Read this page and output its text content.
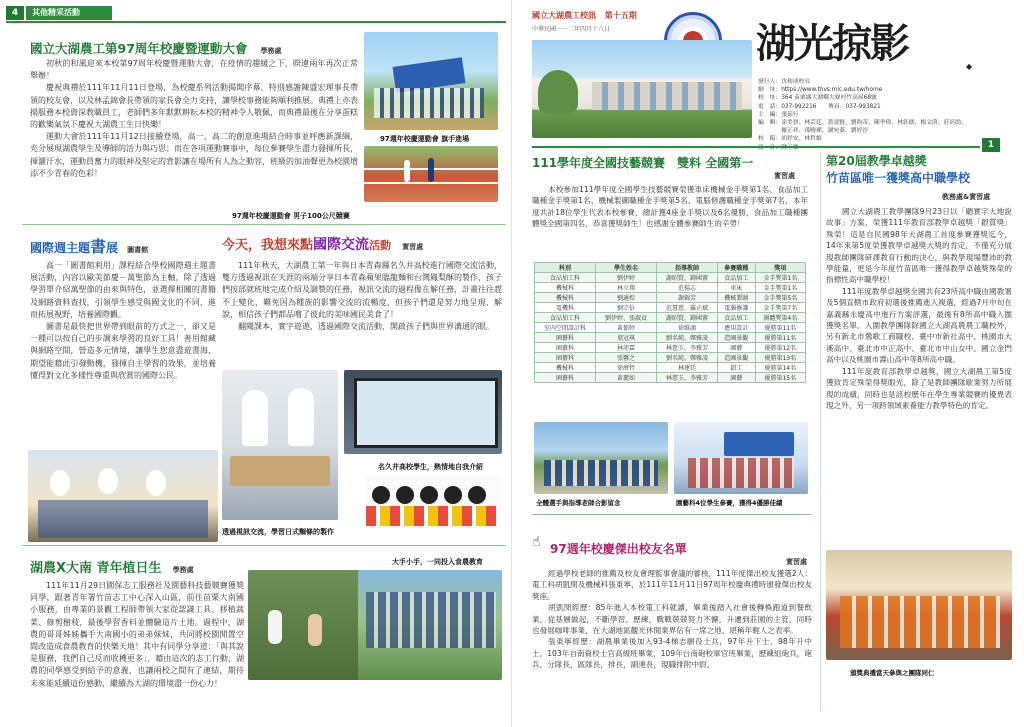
4	其他精采活動
國立大湖農工第97周年校慶暨運動大會 學務處

初秋的和風迎來本校第97周年校慶暨運動大會，在疫情的趨緩之下，睽違兩年再次正常舉辦！

慶祝典禮於111年11月11日登場，為校慶系列活動揭開序幕，特別感謝陳盛宏理事長帶領的校友會，以及林孟錦會長帶領的家長會全力支持，讓學校事務能夠順利推展。典禮上亦表揚服務本校資深教職員工，老師們多年默默耕耘本校的精神令人敬佩，而典禮最後在分享蛋糕的歡樂氣氛下慶祝大湖農工生日快樂！

運動大會於111年11月12日接續登場，高一、高二的創意進場結合時事並呼應新課綱，充分展現湖農學生及導師的活力與巧思；而在各項運動賽事中，每位參賽學生盡力發揮所長，揮灑汗水，運動員奮力的眼神及堅定的背影讓在場所有人為之動容，班級的加油聲更為校園增添不少青春的色彩！

97週年校慶運動會 旗手進場
97週年校慶運動會 男子100公尺競賽
國際週主題書展 圖書館

高一「圖書館利用」課程結合學校國際週主題書展活動，內容以歐美節慶－萬聖節為主軸，除了透過學習單介紹萬聖節的由來與特色，並選擇相關的書籍及網路資料查找，引領學生感受與國文化的不同，進而拓展視野，培養國際觀。

圖書是最快把世界帶到眼前的方式之一，卻又是一種可以按自己的步調來學習的良好工具！善用館藏與網路空間，營造多元情境，讓學生您意盡遊書海，期望能藉此引發動機，發揮自主學習的效果，並培養懂得對文化多樣性尊重與欣賞的國際公民。

今天，我想來點國際交流活動 實習處

111年秋天，大湖農工第一年與日本青森縣名久井高校進行國際交流活動，雙方透過視訊在天涯的兩端分享日本青森蘋果臨龍麵和台灣鳳梨酥的製作，孩子們按部就班地完成介紹及調製的任務，視訊交流的過程像在解任務，計畫往往趕不上變化，難免因為種族的影響交流的流暢度，但孩子們還是努力地呈現、解說，相信孩子們都品嚐了彼此的美味國民美食了！

翻閱課本，實字遊遨，透過國際交流活動，開啟孩子們與世界溝通的眼。

名久井高校學生，熱情地自我介紹
透過視訊交流，學習日式麵條的製作
湖農X大南 青年植日生 學務處
大手小手，一同投入食農教育

111年11月29日園保志工服務社及園藝科技藝競賽獲獎同學，跟著青年署竹苗志工中心深入山區，前往苗栗大南國小服務，由專業的景觀工程師帶領大家從認識工具、移植蔬菜、修剪樹枝，最後學習香料並體驗這片土地。過程中，湖農的哥哥姊姊攜手大南國小的弟弟妹妹，共同將校園閒置空間改造成食農教育的快樂天地！其中有同學分享道：「與其說是服務，我們自己反而收穫更多」，藉由這次的志工行動，湖農的同學感受到給予的意義，也讓兩校之間有了連結，期待未來能延續這份感動，繼續為大湖的環境盡一份心力！

國立大湖農工校訊 第十五期
中華民國一一二年四月十八日	湖光掠影	◆
發行人：沈和成校長
網　址：https://www.thvs.mlc.edu.tw/home
校　址：364 苗栗縣大湖鄉大寮村竹高屋68號
電　話：037-992216　　傳真：037-993821
主　編：張茹行
編　輯：涂美智、林芸廷、黃壽賢、劉昀蒂、陳季偉、林鈺儒、楊文茵、莊培勛、
　　　　羅正祥、孫曉禪、謝宛蓁、劉婷淳
校　稿：胡妤安、林哲維
1
111學年度全國技藝競賽　雙料 全國第一
實習處

本校參加111學年度全國學生技藝競賽榮獲車床機械金手獎第1名、食品加工職種金手獎第1名、機械製圖職種金手獎第5名、電腦修護職種金手獎第7名，本年度共計18位學生代表本校參賽，總計獲4座金手獎以及6名優勝，食品加工職種團體獎全國第四名，恭喜獲獎師生！也感謝全體參賽師生的辛勞！

科別	學生姓名	指導教師	參賽職種	獎項
食品加工科	劉伊婷	謝昭賢、鍾國審	食品加工	金手獎第1名
機械科	林立翔	范揚志	車床	金手獎第1名
機械科	劉適煌	謝錦芳	機械製圖	金手獎第5名
電機科	劉宗倍	范慧慈、羅正斌	電腦修護	金手獎第7名
食品加工科	劉伊婷、張淑貞	謝昭賢、鍾國審	食品加工	團體獎第4名
室內空間設計科	黃郁婷	徐維鴻	應用設計	優勝第11名
園藝科	葉冠琪	劉名純、鄭雅凌	造園景觀	優勝第11名
園藝科	林沛霖	林慈玉、李雅芳	園藝	優勝第12名
園藝科	張馨之	劉名純、鄭雅凌	造園景觀	優勝第13名
機械科	徐濟哲	林建廷	鉗工	優勝第14名
園藝科	黃麗如	林慈玉、李雅芳	園藝	優勝第15名
全體選手與指導老師合影留念	園藝科4位學生參賽，獲得4優勝佳績
☝ 97週年校慶傑出校友名單
實習處

經過學校老師的推薦及校友會理監事會議的審核，111年度傑出校友獲選2人：電工科胡凱閔及機械科張東寧，於111年11月11日97周年校慶典禮時頒發傑出校友獎座。

胡凱閔經歷：85年進入本校電工科就讀，畢業後踏入社會後轉換跑道到餐飲業，從基層做起，不斷學習、歷練，戰戰兢兢努力不懈，升遷到莊園的主管，同時也發展咖啡事業，在大湖地區觀光休閒業界佔有一席之地，堪稱年輕人之表率。

張東寧經歷：湖農畢業後加入93-4梯志願役士兵，97年升下士，98年升中士，103年自南資校士官高級班畢業，109年台南砲校軍官班畢業，歷練組砲兵，砲兵，分隊長，區隊長，排長，副連長，現職排附中尉。

第20屆教學卓越獎
竹苗區唯一獲獎高中職學校
教務處&實習處

國立大湖農工教學團隊9月23日以「聽實字大地說故事」方案，榮獲111年教育部教學卓越獎「銀質獎」殊榮！這是自民國98年大湖農工首度參賽獲獎迄今，14年來第5度榮獲教學卓越獎大獎的肯定，不僅充分展現教師團隊研課教育行動的決心，與教學現場豐沛的教學能量，更是今年度竹苗區唯一獲得教學卓越獎殊榮的指標性高中職學校！

111年度教學卓越獎全國共有23所高中職由國教署及5個直轄市政府初選後推薦進入複選，經過7月中旬在嘉義縣永慶高中進行方案評選，最後有8所高中職入圍獲獎名單。入圍教學團隊除國立大湖高農農工職校外，另有新北市鶯歌工商職校、臺中市新社高中、桃園市大溪高中、臺北市中正高中、臺北市中山女中、國立金門高中以及桃園市壽山高中等8所高中職。

111年度教育部教學卓越獎，國立大湖農工第5度獲致肯定殊榮得獎眼光，除了是教師團隊歇業努力所展現的成績，同時也是該校歷年在學生專業競賽的優異表現之外，另一項跨領域素養能力教學特色的肯定。

頒獎典禮當天參與之團隊同仁
